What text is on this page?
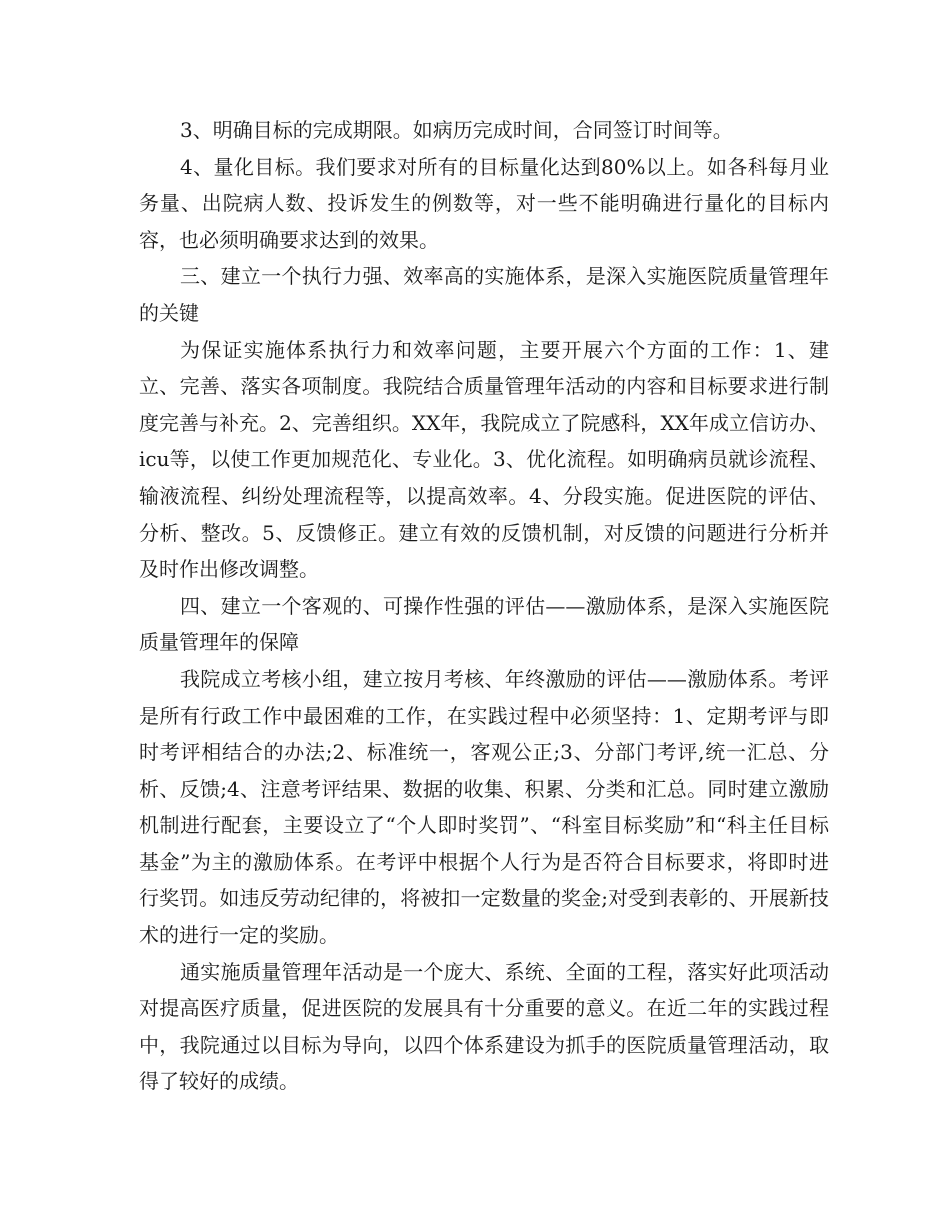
3、明确目标的完成期限。如病历完成时间，合同签订时间等。

4、量化目标。我们要求对所有的目标量化达到80%以上。如各科每月业务量、出院病人数、投诉发生的例数等，对一些不能明确进行量化的目标内容，也必须明确要求达到的效果。

三、建立一个执行力强、效率高的实施体系，是深入实施医院质量管理年的关键

为保证实施体系执行力和效率问题，主要开展六个方面的工作：1、建立、完善、落实各项制度。我院结合质量管理年活动的内容和目标要求进行制度完善与补充。2、完善组织。XX年，我院成立了院感科，XX年成立信访办、icu等，以使工作更加规范化、专业化。3、优化流程。如明确病员就诊流程、输液流程、纠纷处理流程等，以提高效率。4、分段实施。促进医院的评估、分析、整改。5、反馈修正。建立有效的反馈机制，对反馈的问题进行分析并及时作出修改调整。

四、建立一个客观的、可操作性强的评估——激励体系，是深入实施医院质量管理年的保障

我院成立考核小组，建立按月考核、年终激励的评估——激励体系。考评是所有行政工作中最困难的工作，在实践过程中必须坚持：1、定期考评与即时考评相结合的办法;2、标准统一，客观公正;3、分部门考评,统一汇总、分析、反馈;4、注意考评结果、数据的收集、积累、分类和汇总。同时建立激励机制进行配套，主要设立了“个人即时奖罚”、“科室目标奖励”和“科主任目标基金”为主的激励体系。在考评中根据个人行为是否符合目标要求，将即时进行奖罚。如违反劳动纪律的，将被扣一定数量的奖金;对受到表彰的、开展新技术的进行一定的奖励。

通实施质量管理年活动是一个庞大、系统、全面的工程，落实好此项活动对提高医疗质量，促进医院的发展具有十分重要的意义。在近二年的实践过程中，我院通过以目标为导向，以四个体系建设为抓手的医院质量管理活动，取得了较好的成绩。
